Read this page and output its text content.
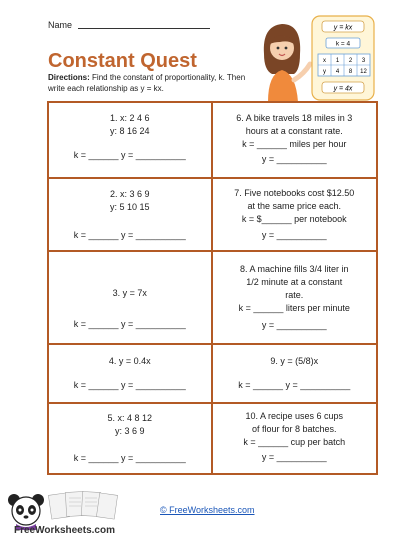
Name
Constant Quest
Directions: Find the constant of proportionality, k. Then write each relationship as y = kx.
y = kx
k = 4
x 1 2 3
y 4 8 12
y = 4x
1. x: 2 4 6
y: 8 16 24
k = ______ y = __________
6. A bike travels 18 miles in 3
hours at a constant rate.
k = ______ miles per hour
y = __________
2. x: 3 6 9
y: 5 10 15
k = ______ y = __________
7. Five notebooks cost $12.50
at the same price each.
k = $______ per notebook
y = __________
3. y = 7x
k = ______ y = __________
8. A machine fills 3/4 liter in
1/2 minute at a constant
rate.
k = ______ liters per minute
y = __________
4. y = 0.4x
k = ______ y = __________
9. y = (5/8)x
k = ______ y = __________
5. x: 4 8 12
y: 3 6 9
k = ______ y = __________
10. A recipe uses 6 cups
of flour for 8 batches.
k = ______ cup per batch
y = __________
FreeWorksheets.com
© FreeWorksheets.com
